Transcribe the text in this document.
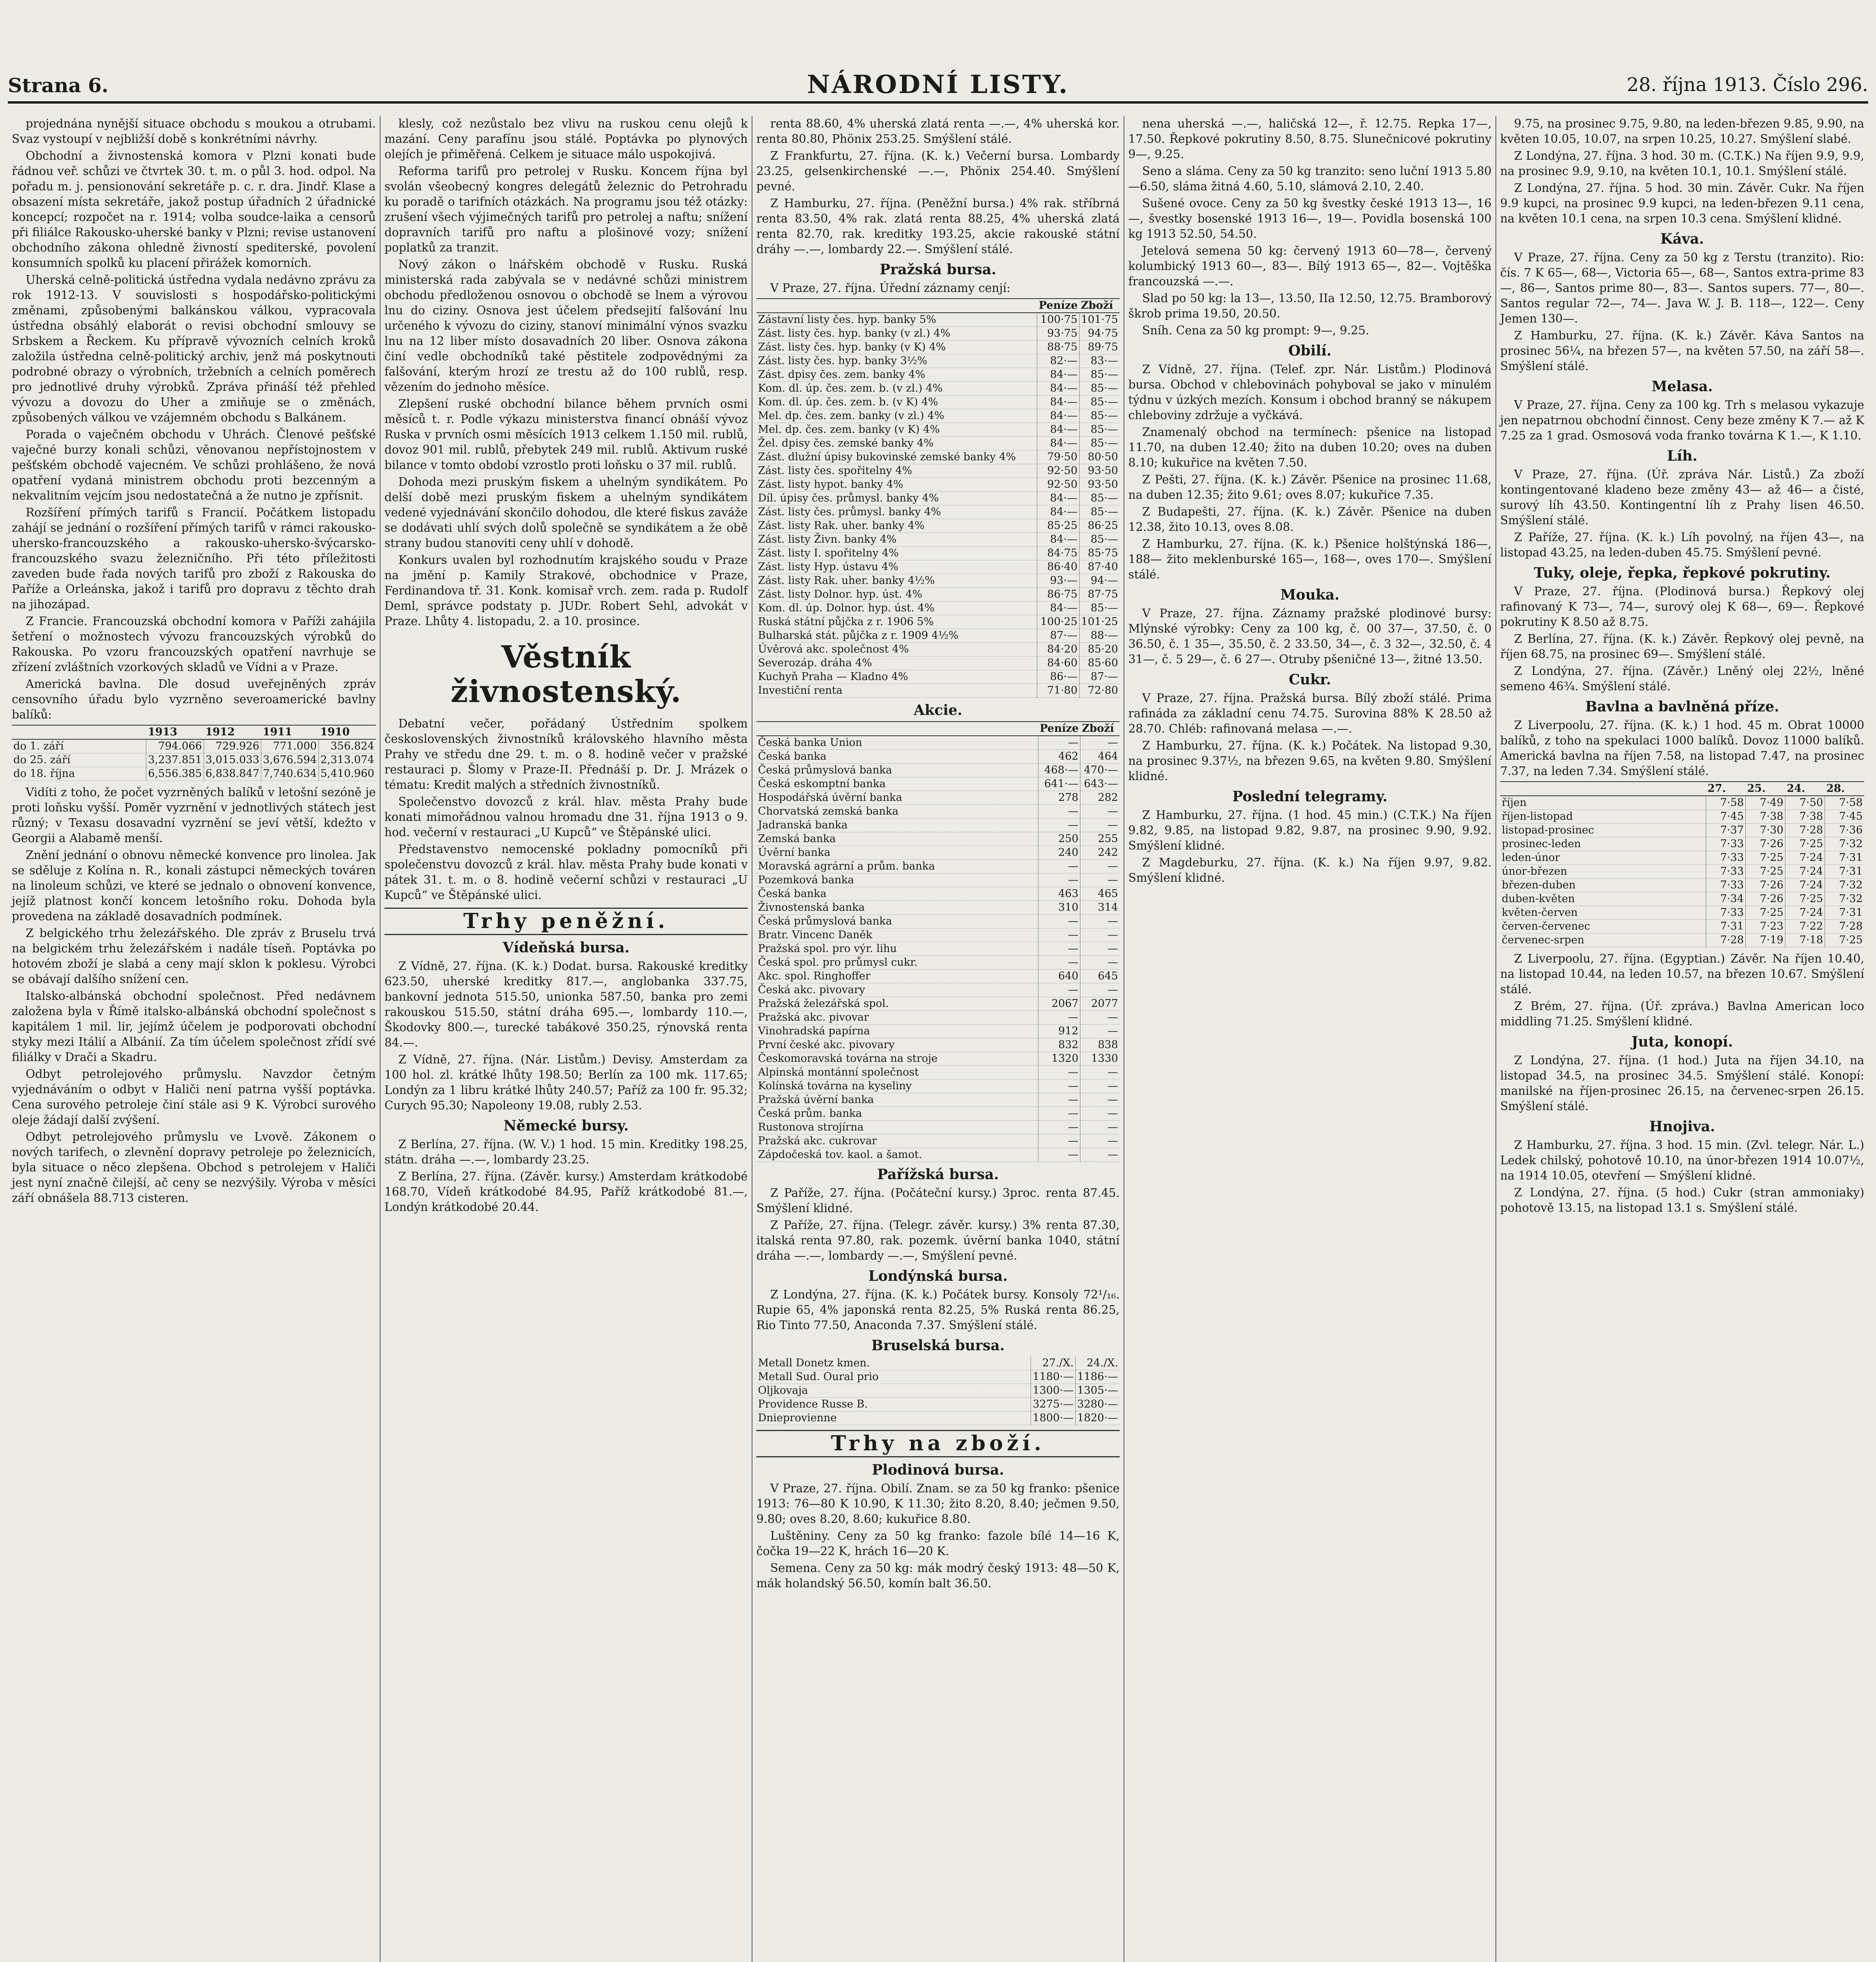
Strana 6.	NÁRODNÍ LISTY.	28. října 1913. Číslo 296.

projednána nynější situace obchodu s moukou a otrubami. Svaz vystoupí v nejbližší době s konkrétními návrhy.

Obchodní a živnostenská komora v Plzni konati bude řádnou veř. schůzi ve čtvrtek 30. t. m. o půl 3. hod. odpol. Na pořadu m. j. pensionování sekretáře p. c. r. dra. Jindř. Klase a obsazení místa sekretáře, jakož postup úřadních 2 úřadnické koncepcí; rozpočet na r. 1914; volba soudce-laika a censorů při filiálce Rakousko-uherské banky v Plzni; revise ustanovení obchodního zákona ohledně živností spediterské, povolení konsumních spolků ku placení přirážek komorních.

Uherská celně-politická ústředna vydala nedávno zprávu za rok 1912-13. V souvislosti s hospodářsko-politickými změnami, způsobenými balkánskou válkou, vypracovala ústředna obsáhlý elaborát o revisi obchodní smlouvy se Srbskem a Řeckem. Ku přípravě vývozních celních kroků založila ústředna celně-politický archiv, jenž má poskytnouti podrobné obrazy o výrobních, tržebních a celních poměrech pro jednotlivé druhy výrobků. Zpráva přináší též přehled vývozu a dovozu do Uher a zmiňuje se o změnách, způsobených válkou ve vzájemném obchodu s Balkánem.

Porada o vaječném obchodu v Uhrách. Členové pešťské vaječné burzy konali schůzi, věnovanou nepřístojnostem v pešťském obchodě vajecném. Ve schůzi prohlášeno, že nová opatření vydaná ministrem obchodu proti bezcenným a nekvalitním vejcím jsou nedostatečná a že nutno je zpřísnit.

Rozšíření přímých tarifů s Francií. Počátkem listopadu zahájí se jednání o rozšíření přímých tarifů v rámci rakousko-uhersko-francouzského a rakousko-uhersko-švýcarsko-francouzského svazu železničního. Při této příležitosti zaveden bude řada nových tarifů pro zboží z Rakouska do Paříže a Orleánska, jakož i tarifů pro dopravu z těchto drah na jihozápad.

Z Francie. Francouzská obchodní komora v Paříži zahájila šetření o možnostech vývozu francouzských výrobků do Rakouska. Po vzoru francouzských opatření navrhuje se zřízení zvláštních vzorkových skladů ve Vídni a v Praze.

Americká bavlna. Dle dosud uveřejněných zpráv censovního úřadu bylo vyzrněno severoamerické bavlny balíků:

	1913	1912	1911	1910
do 1. září	794.066	729.926	771.000	356.824
do 25. září	3,237.851	3,015.033	3,676.594	2,313.074
do 18. října	6,556.385	6,838.847	7,740.634	5,410.960

Vidíti z toho, že počet vyzrněných balíků v letošní sezóně je proti loňsku vyšší. Poměr vyzrnění v jednotlivých státech jest různý; v Texasu dosavadní vyzrnění se jeví větší, kdežto v Georgii a Alabamě menší.

Znění jednání o obnovu německé konvence pro linolea. Jak se sděluje z Kolína n. R., konali zástupci německých továren na linoleum schůzi, ve které se jednalo o obnovení konvence, jejíž platnost končí koncem letošního roku. Dohoda byla provedena na základě dosavadních podmínek.

Z belgického trhu železářského. Dle zpráv z Bruselu trvá na belgickém trhu železářském i nadále tíseň. Poptávka po hotovém zboží je slabá a ceny mají sklon k poklesu. Výrobci se obávají dalšího snížení cen.

Italsko-albánská obchodní společnost. Před nedávnem založena byla v Římě italsko-albánská obchodní společnost s kapitálem 1 mil. lir, jejímž účelem je podporovati obchodní styky mezi Itálií a Albánií. Za tím účelem společnost zřídí své filiálky v Drači a Skadru.

Odbyt petrolejového průmyslu. Navzdor četným vyjednáváním o odbyt v Haliči není patrna vyšší poptávka. Cena surového petroleje činí stále asi 9 K. Výrobci surového oleje žádají další zvýšení.

Odbyt petrolejového průmyslu ve Lvově. Zákonem o nových tarifech, o zlevnění dopravy petroleje po železnicích, byla situace o něco zlepšena. Obchod s petrolejem v Haliči jest nyní značně čilejší, ač ceny se nezvýšily. Výroba v měsíci září obnášela 88.713 cisteren.

klesly, což nezůstalo bez vlivu na ruskou cenu olejů k mazání. Ceny parafínu jsou stálé. Poptávka po plynových olejích je přiměřená. Celkem je situace málo uspokojivá.

Reforma tarifů pro petrolej v Rusku. Koncem října byl svolán všeobecný kongres delegátů železnic do Petrohradu ku poradě o tarifních otázkách. Na programu jsou též otázky: zrušení všech výjimečných tarifů pro petrolej a naftu; snížení dopravních tarifů pro naftu a plošinové vozy; snížení poplatků za tranzit.

Nový zákon o lnářském obchodě v Rusku. Ruská ministerská rada zabývala se v nedávné schůzi ministrem obchodu předloženou osnovou o obchodě se lnem a výrovou lnu do ciziny. Osnova jest účelem předsejití falšování lnu určeného k vývozu do ciziny, stanoví minimální výnos svazku lnu na 12 liber místo dosavadních 20 liber. Osnova zákona činí vedle obchodníků také pěstitele zodpovědnými za falšování, kterým hrozí ze trestu až do 100 rublů, resp. vězením do jednoho měsíce.

Zlepšení ruské obchodní bilance během prvních osmi měsíců t. r. Podle výkazu ministerstva financí obnáší vývoz Ruska v prvních osmi měsících 1913 celkem 1.150 mil. rublů, dovoz 901 mil. rublů, přebytek 249 mil. rublů. Aktivum ruské bilance v tomto období vzrostlo proti loňsku o 37 mil. rublů.

Dohoda mezi pruským fiskem a uhelným syndikátem. Po delší době mezi pruským fiskem a uhelným syndikátem vedené vyjednávání skončilo dohodou, dle které fiskus zaváže se dodávati uhlí svých dolů společně se syndikátem a že obě strany budou stanoviti ceny uhlí v dohodě.

Konkurs uvalen byl rozhodnutím krajského soudu v Praze na jmění p. Kamily Strakové, obchodnice v Praze, Ferdinandova tř. 31. Konk. komisař vrch. zem. rada p. Rudolf Deml, správce podstaty p. JUDr. Robert Sehl, advokát v Praze. Lhůty 4. listopadu, 2. a 10. prosince.

Věstník živnostenský.

Debatní večer, pořádaný Ústředním spolkem československých živnostníků královského hlavního města Prahy ve středu dne 29. t. m. o 8. hodině večer v pražské restauraci p. Šlomy v Praze-II. Přednáší p. Dr. J. Mrázek o tématu: Kredit malých a středních živnostníků.

Společenstvo dovozců z král. hlav. města Prahy bude konati mimořádnou valnou hromadu dne 31. října 1913 o 9. hod. večerní v restauraci „U Kupců“ ve Štěpánské ulici.

Představenstvo nemocenské pokladny pomocníků při společenstvu dovozců z král. hlav. města Prahy bude konati v pátek 31. t. m. o 8. hodině večerní schůzi v restauraci „U Kupců“ ve Štěpánské ulici.

Trhy peněžní.
Vídeňská bursa.

Z Vídně, 27. října. (K. k.) Dodat. bursa. Rakouské kreditky 623.50, uherské kreditky 817.—, anglobanka 337.75, bankovní jednota 515.50, unionka 587.50, banka pro zemi rakouskou 515.50, státní dráha 695.—, lombardy 110.—, Škodovky 800.—, turecké tabákové 350.25, rýnovská renta 84.—.

Z Vídně, 27. října. (Nár. Listům.) Devisy. Amsterdam za 100 hol. zl. krátké lhůty 198.50; Berlín za 100 mk. 117.65; Londýn za 1 libru krátké lhůty 240.57; Paříž za 100 fr. 95.32; Curych 95.30; Napoleony 19.08, rubly 2.53.

Německé bursy.

Z Berlína, 27. října. (W. V.) 1 hod. 15 min. Kreditky 198.25, státn. dráha —.—, lombardy 23.25.

Z Berlína, 27. října. (Závěr. kursy.) Amsterdam krátkodobé 168.70, Vídeň krátkodobé 84.95, Paříž krátkodobé 81.—, Londýn krátkodobé 20.44.

renta 88.60, 4% uherská zlatá renta —.—, 4% uherská kor. renta 80.80, Phönix 253.25. Smýšlení stálé.

Z Frankfurtu, 27. října. (K. k.) Večerní bursa. Lombardy 23.25, gelsenkirchenské —.—, Phönix 254.40. Smýšlení pevné.

Z Hamburku, 27. října. (Peněžní bursa.) 4% rak. stříbrná renta 83.50, 4% rak. zlatá renta 88.25, 4% uherská zlatá renta 82.70, rak. kreditky 193.25, akcie rakouské státní dráhy —.—, lombardy 22.—. Smýšlení stálé.

Pražská bursa.

V Praze, 27. října. Úřední záznamy cenjí:

	Peníze	Zboží
Zástavní listy čes. hyp. banky 5%	100·75	101·75
Zást. listy čes. hyp. banky (v zl.) 4%	93·75	94·75
Zást. listy čes. hyp. banky (v K) 4%	88·75	89·75
Zást. listy čes. hyp. banky 3½%	82·—	83·—
Zást. dpisy čes. zem. banky 4%	84·—	85·—
Kom. dl. úp. čes. zem. b. (v zl.) 4%	84·—	85·—
Kom. dl. úp. čes. zem. b. (v K) 4%	84·—	85·—
Mel. dp. čes. zem. banky (v zl.) 4%	84·—	85·—
Mel. dp. čes. zem. banky (v K) 4%	84·—	85·—
Žel. dpisy čes. zemské banky 4%	84·—	85·—
Zást. dlužní úpisy bukovinské zemské banky 4%	79·50	80·50
Zást. listy čes. spořitelny 4%	92·50	93·50
Zást. listy hypot. banky 4%	92·50	93·50
Díl. úpisy čes. průmysl. banky 4%	84·—	85·—
Zást. listy čes. průmysl. banky 4%	84·—	85·—
Zást. listy Rak. uher. banky 4%	85·25	86·25
Zást. listy Živn. banky 4%	84·—	85·—
Zást. listy I. spořitelny 4%	84·75	85·75
Zást. listy Hyp. ústavu 4%	86·40	87·40
Zást. listy Rak. uher. banky 4½%	93·—	94·—
Zást. listy Dolnor. hyp. úst. 4%	86·75	87·75
Kom. dl. úp. Dolnor. hyp. úst. 4%	84·—	85·—
Ruská státní půjčka z r. 1906 5%	100·25	101·25
Bulharská stát. půjčka z r. 1909 4½%	87·—	88·—
Úvěrová akc. společnost 4%	84·20	85·20
Severozáp. dráha 4%	84·60	85·60
Kuchyň Praha — Kladno 4%	86·—	87·—
Investiční renta	71·80	72·80
Akcie.
	Peníze	Zboží
Česká banka Union	—	—
Česká banka	462	464
Česká průmyslová banka	468·—	470·—
Česká eskomptní banka	641·—	643·—
Hospodářská úvěrní banka	278	282
Chorvatská zemská banka	—	—
Jadranská banka	—	—
Zemská banka	250	255
Úvěrní banka	240	242
Moravská agrární a prům. banka	—	—
Pozemková banka	—	—
Česká banka	463	465
Živnostenská banka	310	314
Česká průmyslová banka	—	—
Bratr. Vincenc Daněk	—	—
Pražská spol. pro výr. lihu	—	—
Česká spol. pro průmysl cukr.	—	—
Akc. spol. Ringhoffer	640	645
Česká akc. pivovary	—	—
Pražská železářská spol.	2067	2077
Pražská akc. pivovar	—	—
Vinohradská papírna	912	—
První české akc. pivovary	832	838
Českomoravská továrna na stroje	1320	1330
Alpinská montánní společnost	—	—
Kolínská továrna na kyseliny	—	—
Pražská úvěrní banka	—	—
Česká prům. banka	—	—
Rustonova strojírna	—	—
Pražská akc. cukrovar	—	—
Zápdočeská tov. kaol. a šamot.	—	—
Pařížská bursa.

Z Paříže, 27. října. (Počáteční kursy.) 3proc. renta 87.45. Smýšlení klidné.

Z Paříže, 27. října. (Telegr. závěr. kursy.) 3% renta 87.30, italská renta 97.80, rak. pozemk. úvěrní banka 1040, státní dráha —.—, lombardy —.—, Smýšlení pevné.

Londýnská bursa.

Z Londýna, 27. října. (K. k.) Počátek bursy. Konsoly 72¹/₁₆. Rupie 65, 4% japonská renta 82.25, 5% Ruská renta 86.25, Rio Tinto 77.50, Anaconda 7.37. Smýšlení stálé.

Bruselská bursa.
Metall Donetz kmen.	27./X.	24./X.
Metall Sud. Oural prio	1180·—	1186·—
Oljkovaja	1300·—	1305·—
Providence Russe B.	3275·—	3280·—
Dnieprovienne	1800·—	1820·—
Trhy na zboží.
Plodinová bursa.

V Praze, 27. října. Obilí. Znam. se za 50 kg franko: pšenice 1913: 76—80 K 10.90, K 11.30; žito 8.20, 8.40; ječmen 9.50, 9.80; oves 8.20, 8.60; kukuřice 8.80.

Luštěniny. Ceny za 50 kg franko: fazole bílé 14—16 K, čočka 19—22 K, hrách 16—20 K.

Semena. Ceny za 50 kg: mák modrý český 1913: 48—50 K, mák holandský 56.50, komín balt 36.50.

nena uherská —.—, haličská 12—, ř. 12.75. Repka 17—, 17.50. Řepkové pokrutiny 8.50, 8.75. Slunečnicové pokrutiny 9—, 9.25.

Seno a sláma. Ceny za 50 kg tranzito: seno luční 1913 5.80—6.50, sláma žitná 4.60, 5.10, slámová 2.10, 2.40.

Sušené ovoce. Ceny za 50 kg švestky české 1913 13—, 16—, švestky bosenské 1913 16—, 19—. Povidla bosenská 100 kg 1913 52.50, 54.50.

Jetelová semena 50 kg: červený 1913 60—78—, červený kolumbický 1913 60—, 83—. Bílý 1913 65—, 82—. Vojtěška francouzská —.—.

Slad po 50 kg: la 13—, 13.50, IIa 12.50, 12.75. Bramborový škrob prima 19.50, 20.50.

Sníh. Cena za 50 kg prompt: 9—, 9.25.

Obilí.

Z Vídně, 27. října. (Telef. zpr. Nár. Listům.) Plodinová bursa. Obchod v chlebovinách pohyboval se jako v minulém týdnu v úzkých mezích. Konsum i obchod branný se nákupem chleboviny zdržuje a vyčkává.

Znamenalý obchod na termínech: pšenice na listopad 11.70, na duben 12.40; žito na duben 10.20; oves na duben 8.10; kukuřice na květen 7.50.

Z Pešti, 27. října. (K. k.) Závěr. Pšenice na prosinec 11.68, na duben 12.35; žito 9.61; oves 8.07; kukuřice 7.35.

Z Budapešti, 27. října. (K. k.) Závěr. Pšenice na duben 12.38, žito 10.13, oves 8.08.

Z Hamburku, 27. října. (K. k.) Pšenice holštýnská 186—, 188— žito meklenburské 165—, 168—, oves 170—. Smýšlení stálé.

Mouka.

V Praze, 27. října. Záznamy pražské plodinové bursy: Mlýnské výrobky: Ceny za 100 kg, č. 00 37—, 37.50, č. 0 36.50, č. 1 35—, 35.50, č. 2 33.50, 34—, č. 3 32—, 32.50, č. 4 31—, č. 5 29—, č. 6 27—. Otruby pšeničné 13—, žitné 13.50.

Cukr.

V Praze, 27. října. Pražská bursa. Bílý zboží stálé. Prima rafináda za základní cenu 74.75. Surovina 88% K 28.50 až 28.70. Chléb: rafinovaná melasa —.—.

Z Hamburku, 27. října. (K. k.) Počátek. Na listopad 9.30, na prosinec 9.37½, na březen 9.65, na květen 9.80. Smýšlení klidné.

Poslední telegramy.

Z Hamburku, 27. října. (1 hod. 45 min.) (C.T.K.) Na říjen 9.82, 9.85, na listopad 9.82, 9.87, na prosinec 9.90, 9.92. Smýšlení klidné.

Z Magdeburku, 27. října. (K. k.) Na říjen 9.97, 9.82. Smýšlení klidné.

9.75, na prosinec 9.75, 9.80, na leden-březen 9.85, 9.90, na květen 10.05, 10.07, na srpen 10.25, 10.27. Smýšlení slabé.

Z Londýna, 27. října. 3 hod. 30 m. (C.T.K.) Na říjen 9.9, 9.9, na prosinec 9.9, 9.10, na květen 10.1, 10.1. Smýšlení stálé.

Z Londýna, 27. října. 5 hod. 30 min. Závěr. Cukr. Na říjen 9.9 kupci, na prosinec 9.9 kupci, na leden-březen 9.11 cena, na květen 10.1 cena, na srpen 10.3 cena. Smýšlení klidné.

Káva.

V Praze, 27. října. Ceny za 50 kg z Terstu (tranzito). Rio: čís. 7 K 65—, 68—, Victoria 65—, 68—, Santos extra-prime 83—, 86—, Santos prime 80—, 83—. Santos supers. 77—, 80—. Santos regular 72—, 74—. Java W. J. B. 118—, 122—. Ceny Jemen 130—.

Z Hamburku, 27. října. (K. k.) Závěr. Káva Santos na prosinec 56¼, na březen 57—, na květen 57.50, na září 58—. Smýšlení stálé.

Melasa.

V Praze, 27. října. Ceny za 100 kg. Trh s melasou vykazuje jen nepatrnou obchodní činnost. Ceny beze změny K 7.— až K 7.25 za 1 grad. Osmosová voda franko továrna K 1.—, K 1.10.

Líh.

V Praze, 27. října. (Úř. zpráva Nár. Listů.) Za zboží kontingentované kladeno beze změny 43— až 46— a čisté, surový líh 43.50. Kontingentní líh z Prahy lisen 46.50. Smýšlení stálé.

Z Paříže, 27. října. (K. k.) Líh povolný, na říjen 43—, na listopad 43.25, na leden-duben 45.75. Smýšlení pevné.

Tuky, oleje, řepka, řepkové pokrutiny.

V Praze, 27. října. (Plodinová bursa.) Řepkový olej rafinovaný K 73—, 74—, surový olej K 68—, 69—. Řepkové pokrutiny K 8.50 až 8.75.

Z Berlína, 27. října. (K. k.) Závěr. Řepkový olej pevně, na říjen 68.75, na prosinec 69—. Smýšlení stálé.

Z Londýna, 27. října. (Závěr.) Lněný olej 22½, lněné semeno 46¾. Smýšlení stálé.

Bavlna a bavlněná příze.

Z Liverpoolu, 27. října. (K. k.) 1 hod. 45 m. Obrat 10000 balíků, z toho na spekulaci 1000 balíků. Dovoz 11000 balíků. Americká bavlna na říjen 7.58, na listopad 7.47, na prosinec 7.37, na leden 7.34. Smýšlení stálé.

	27.	25.	24.	28.
říjen	7·58	7·49	7·50	7·58
říjen-listopad	7·45	7·38	7·38	7·45
listopad-prosinec	7·37	7·30	7·28	7·36
prosinec-leden	7·33	7·26	7·25	7·32
leden-únor	7·33	7·25	7·24	7·31
únor-březen	7·33	7·25	7·24	7·31
březen-duben	7·33	7·26	7·24	7·32
duben-květen	7·34	7·26	7·25	7·32
květen-červen	7·33	7·25	7·24	7·31
červen-červenec	7·31	7·23	7·22	7·28
červenec-srpen	7·28	7·19	7·18	7·25

Z Liverpoolu, 27. října. (Egyptian.) Závěr. Na říjen 10.40, na listopad 10.44, na leden 10.57, na březen 10.67. Smýšlení stálé.

Z Brém, 27. října. (Úř. zpráva.) Bavlna American loco middling 71.25. Smýšlení klidné.

Juta, konopí.

Z Londýna, 27. října. (1 hod.) Juta na říjen 34.10, na listopad 34.5, na prosinec 34.5. Smýšlení stálé. Konopí: manilské na říjen-prosinec 26.15, na červenec-srpen 26.15. Smýšlení stálé.

Hnojiva.

Z Hamburku, 27. října. 3 hod. 15 min. (Zvl. telegr. Nár. L.) Ledek chilský, pohotově 10.10, na únor-březen 1914 10.07½, na 1914 10.05, otevření — Smýšlení klidné.

Z Londýna, 27. října. (5 hod.) Cukr (stran ammoniaky) pohotově 13.15, na listopad 13.1 s. Smýšlení stálé.
